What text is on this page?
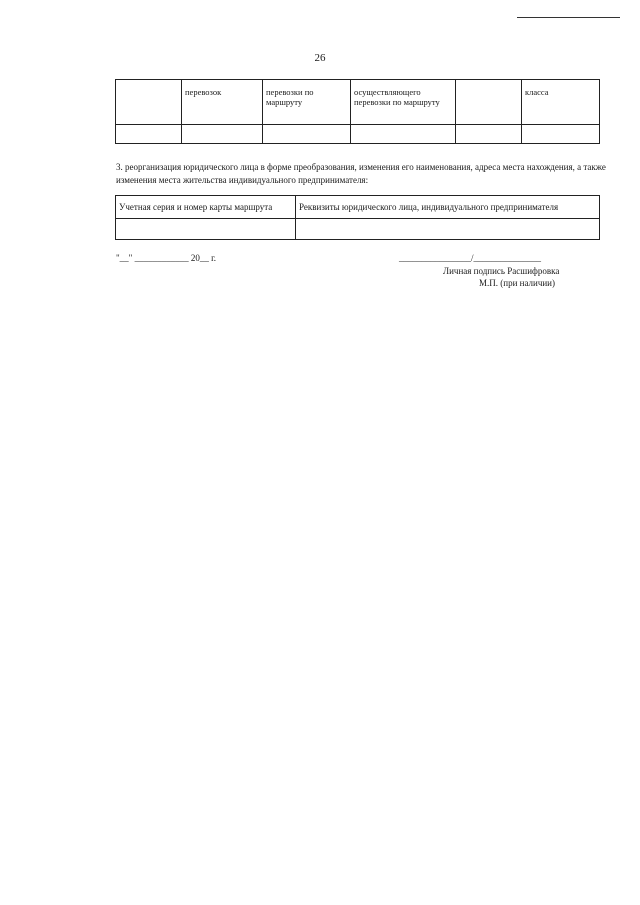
26
	перевозок	перевозки по маршруту	осуществляющего перевозки по маршруту		класса

3. реорганизация юридического лица в форме преобразования, изменения его наименования, адреса места нахождения, а также изменения места жительства индивидуального предпринимателя:
Учетная серия и номер карты маршрута	Реквизиты юридического лица, индивидуального предпринимателя

"__" ____________ 20__ г.	________________/_______________
Личная подпись Расшифровка
М.П. (при наличии)
